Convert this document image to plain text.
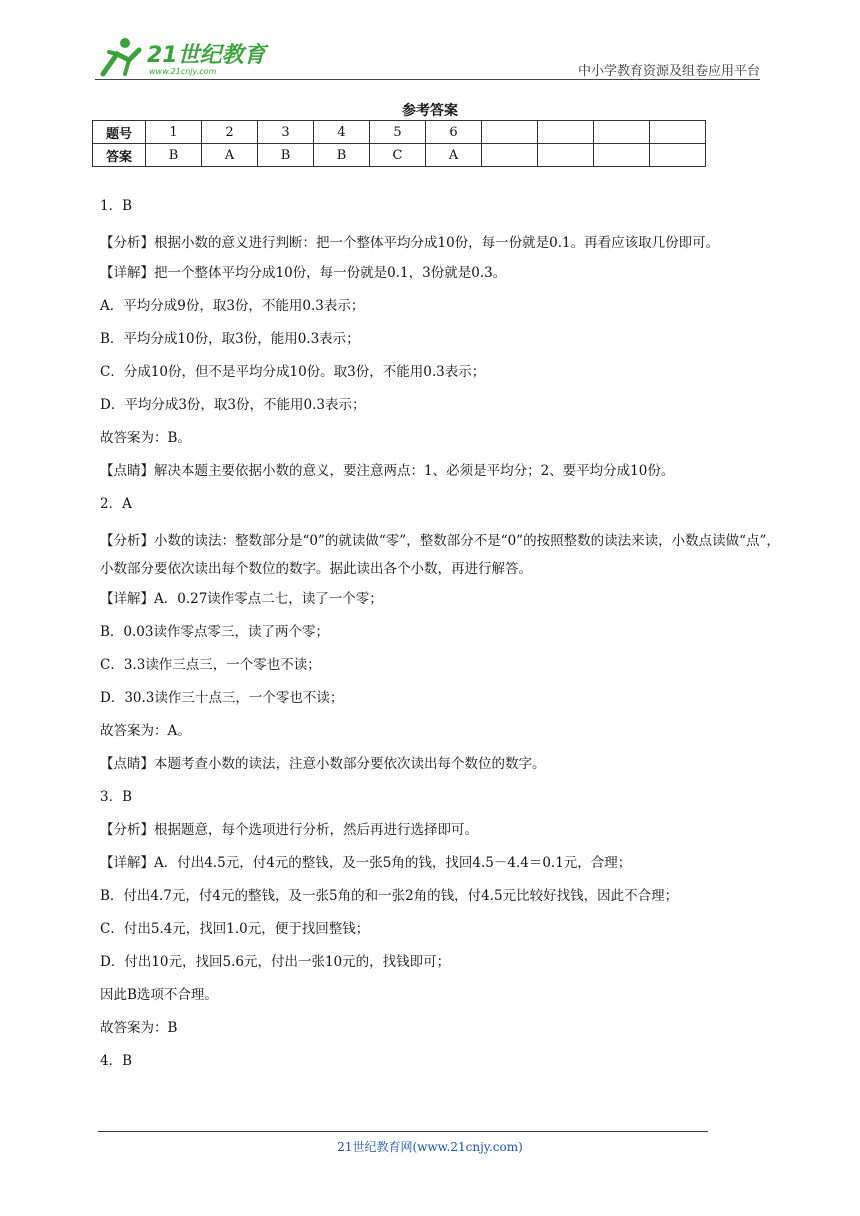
21世纪教育
www.21cnjy.com	中小学教育资源及组卷应用平台
参考答案
题号	1	2	3	4	5	6				
答案	B	A	B	B	C	A				

1．B

【分析】根据小数的意义进行判断：把一个整体平均分成10份，每一份就是0.1。再看应该取几份即可。

【详解】把一个整体平均分成10份，每一份就是0.1，3份就是0.3。

A．平均分成9份，取3份，不能用0.3表示；

B．平均分成10份，取3份，能用0.3表示；

C．分成10份，但不是平均分成10份。取3份，不能用0.3表示；

D．平均分成3份，取3份，不能用0.3表示；

故答案为：B。

【点睛】解决本题主要依据小数的意义，要注意两点：1、必须是平均分；2、要平均分成10份。

2．A

【分析】小数的读法：整数部分是“0”的就读做“零”，整数部分不是“0”的按照整数的读法来读，小数点读做“点”，小数部分要依次读出每个数位的数字。据此读出各个小数，再进行解答。

【详解】A．0.27读作零点二七，读了一个零；

B．0.03读作零点零三，读了两个零；

C．3.3读作三点三，一个零也不读；

D．30.3读作三十点三，一个零也不读；

故答案为：A。

【点睛】本题考查小数的读法，注意小数部分要依次读出每个数位的数字。

3．B

【分析】根据题意，每个选项进行分析，然后再进行选择即可。

【详解】A．付出4.5元，付4元的整钱，及一张5角的钱，找回4.5－4.4＝0.1元，合理；

B．付出4.7元，付4元的整钱，及一张5角的和一张2角的钱，付4.5元比较好找钱，因此不合理；

C．付出5.4元，找回1.0元，便于找回整钱；

D．付出10元，找回5.6元，付出一张10元的，找钱即可；

因此B选项不合理。

故答案为：B

4．B

21世纪教育网(www.21cnjy.com)
